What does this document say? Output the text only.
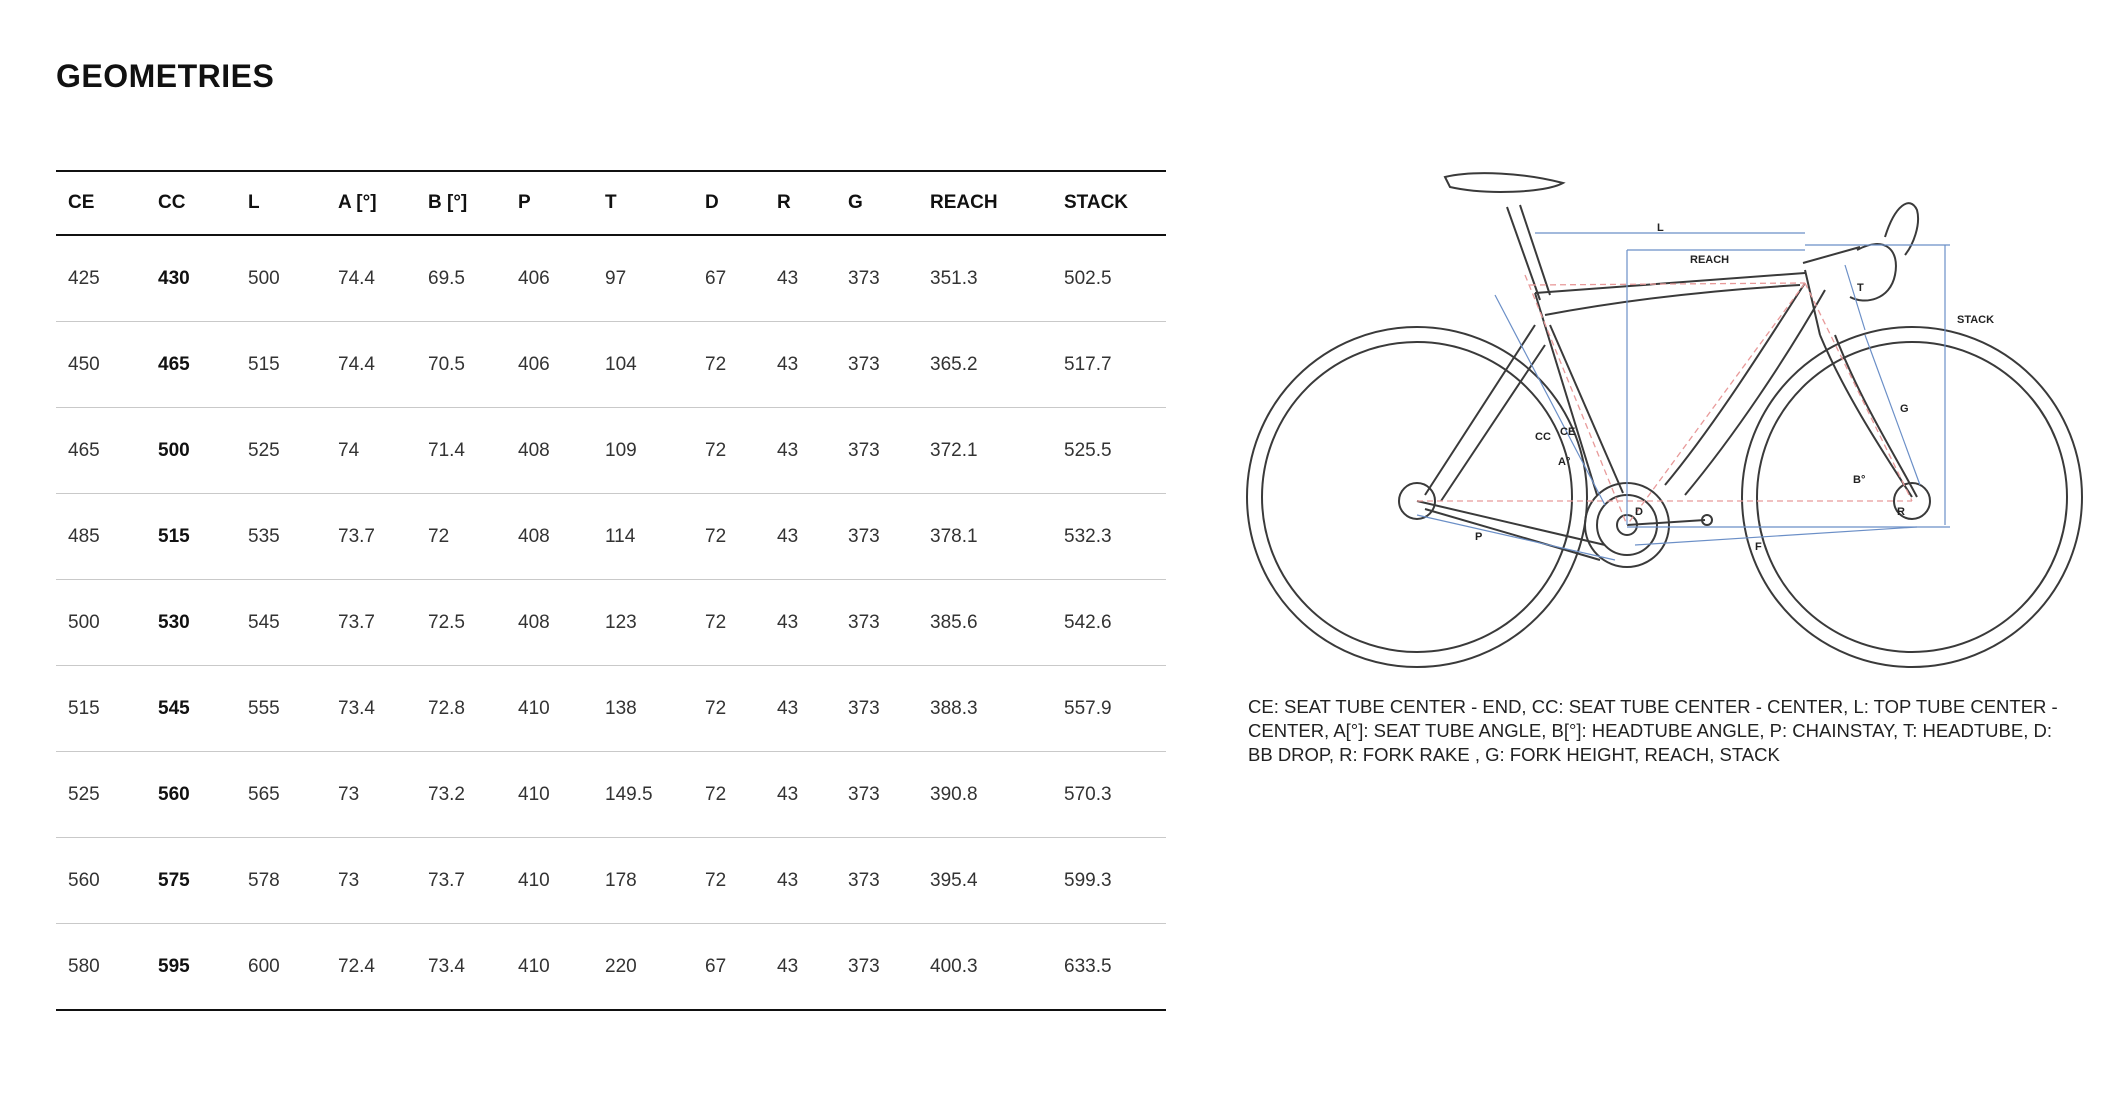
GEOMETRIES
CE	CC	L	A [°]	B [°]	P	T	D	R	G	REACH	STACK
425	430	500	74.4	69.5	406	97	67	43	373	351.3	502.5
450	465	515	74.4	70.5	406	104	72	43	373	365.2	517.7
465	500	525	74	71.4	408	109	72	43	373	372.1	525.5
485	515	535	73.7	72	408	114	72	43	373	378.1	532.3
500	530	545	73.7	72.5	408	123	72	43	373	385.6	542.6
515	545	555	73.4	72.8	410	138	72	43	373	388.3	557.9
525	560	565	73	73.2	410	149.5	72	43	373	390.8	570.3
560	575	578	73	73.7	410	178	72	43	373	395.4	599.3
580	595	600	72.4	73.4	410	220	67	43	373	400.3	633.5
L
REACH
STACK
T
G
CC CE
A°
B°
D	R
P
F
CE: SEAT TUBE CENTER - END, CC: SEAT TUBE CENTER - CENTER, L: TOP TUBE CENTER - CENTER, A[°]: SEAT TUBE ANGLE, B[°]: HEADTUBE ANGLE, P: CHAINSTAY, T: HEADTUBE, D: BB DROP, R: FORK RAKE , G: FORK HEIGHT, REACH, STACK
